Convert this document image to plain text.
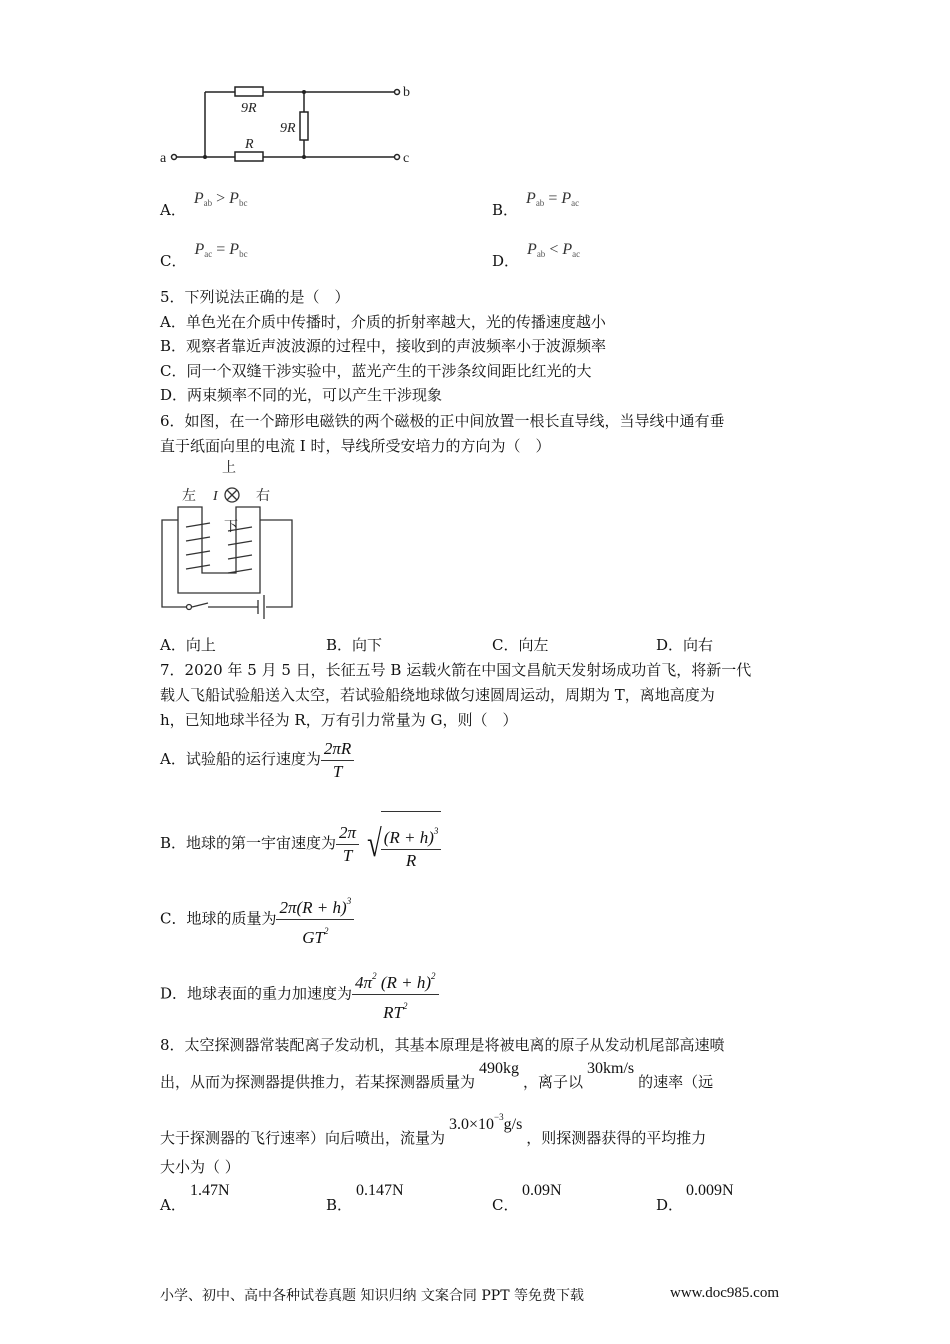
9R
9R
R
a
b
c
A．$P_{ab} > P_{bc}$	B．$P_{ab} = P_{ac}$
C．$P_{ac} = P_{bc}$	D．$P_{ab} < P_{ac}$
5．下列说法正确的是（　）
A．单色光在介质中传播时，介质的折射率越大，光的传播速度越小
B．观察者靠近声波波源的过程中，接收到的声波频率小于波源频率
C．同一个双缝干涉实验中，蓝光产生的干涉条纹间距比红光的大
D．两束频率不同的光，可以产生干涉现象
6．如图，在一个蹄形电磁铁的两个磁极的正中间放置一根长直导线，当导线中通有垂
直于纸面向里的电流 I 时，导线所受安培力的方向为（　）
上
下
左	右
I
A．向上	B．向下	C．向左	D．向右
7．2020 年 5 月 5 日，长征五号 B 运载火箭在中国文昌航天发射场成功首飞，将新一代
载人飞船试验船送入太空，若试验船绕地球做匀速圆周运动，周期为 T，离地高度为
h，已知地球半径为 R，万有引力常量为 G，则（　）
A．试验船的运行速度为 $\frac{2\pi R}{T}$
B．地球的第一宇宙速度为 $\frac{2\pi}{T}$
√ $\frac{(R + h)^3}{R}$
C．地球的质量为 $\frac{2\pi(R + h)^3}{GT^2}$
D．地球表面的重力加速度为 $\frac{4\pi^2 (R + h)^2}{RT^2}$
8．太空探测器常装配离子发动机，其基本原理是将被电离的原子从发动机尾部高速喷
出，从而为探测器提供推力，若某探测器质量为490kg，离子以30km/s的速率（远
大于探测器的飞行速率）向后喷出，流量为$3.0\times 10^{-3}g/s$，则探测器获得的平均推力
大小为（ ）
A．
1.47N
B．
0.147N
C．
0.09N
D．
0.009N
小学、初中、高中各种试卷真题 知识归纳 文案合同 PPT 等免费下载	www.doc985.com
